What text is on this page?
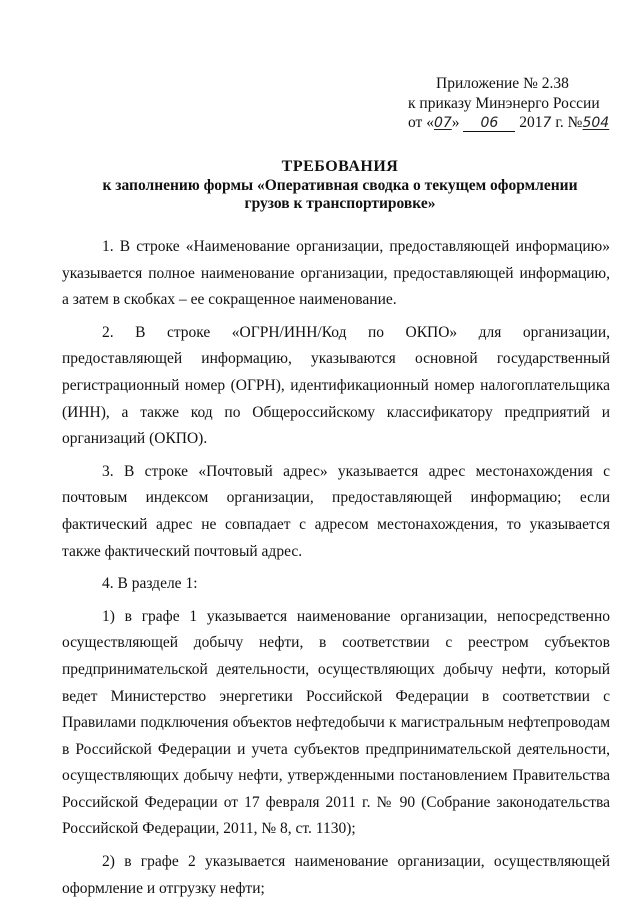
Приложение № 2.38
к приказу Минэнерго России
от «07» 06 2017 г. №504
ТРЕБОВАНИЯ
к заполнению формы «Оперативная сводка о текущем оформлении
грузов к транспортировке»

1. В строке «Наименование организации, предоставляющей информацию» указывается полное наименование организации, предоставляющей информацию, а затем в скобках – ее сокращенное наименование.

2. В строке «ОГРН/ИНН/Код по ОКПО» для организации, предоставляющей информацию, указываются основной государственный регистрационный номер (ОГРН), идентификационный номер налогоплательщика (ИНН), а также код по Общероссийскому классификатору предприятий и организаций (ОКПО).

3. В строке «Почтовый адрес» указывается адрес местонахождения с почтовым индексом организации, предоставляющей информацию; если фактический адрес не совпадает с адресом местонахождения, то указывается также фактический почтовый адрес.

4. В разделе 1:

1) в графе 1 указывается наименование организации, непосредственно осуществляющей добычу нефти, в соответствии с реестром субъектов предпринимательской деятельности, осуществляющих добычу нефти, который ведет Министерство энергетики Российской Федерации в соответствии с Правилами подключения объектов нефтедобычи к магистральным нефтепроводам в Российской Федерации и учета субъектов предпринимательской деятельности, осуществляющих добычу нефти, утвержденными постановлением Правительства Российской Федерации от 17 февраля 2011 г. № 90 (Собрание законодательства Российской Федерации, 2011, № 8, ст. 1130);

2) в графе 2 указывается наименование организации, осуществляющей оформление и отгрузку нефти;
